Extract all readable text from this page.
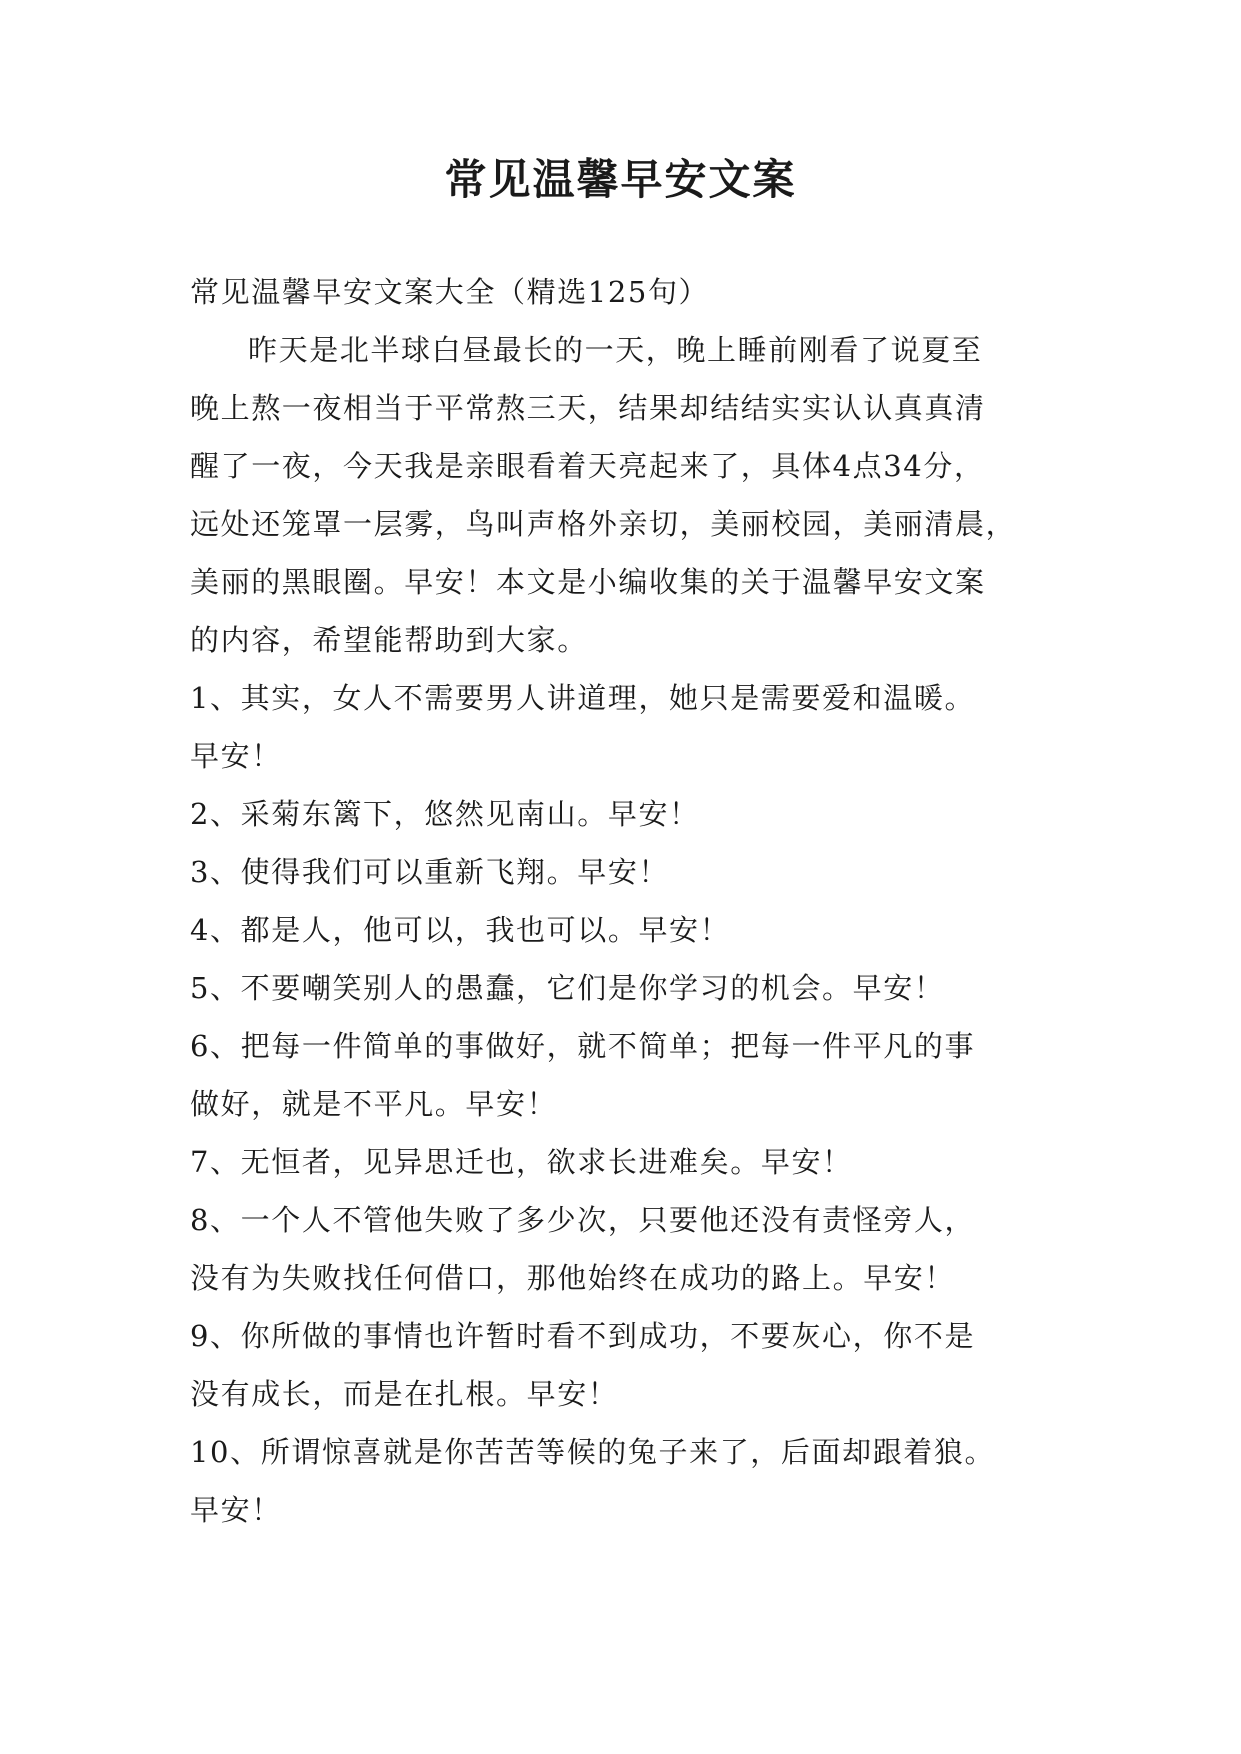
常见温馨早安文案
常见温馨早安文案大全（精选125句）
昨天是北半球白昼最长的一天，晚上睡前刚看了说夏至
晚上熬一夜相当于平常熬三天，结果却结结实实认认真真清
醒了一夜，今天我是亲眼看着天亮起来了，具体4点34分，
远处还笼罩一层雾，鸟叫声格外亲切，美丽校园，美丽清晨，
美丽的黑眼圈。早安！本文是小编收集的关于温馨早安文案
的内容，希望能帮助到大家。
1、其实，女人不需要男人讲道理，她只是需要爱和温暖。
早安！
2、采菊东篱下，悠然见南山。早安！
3、使得我们可以重新飞翔。早安！
4、都是人，他可以，我也可以。早安！
5、不要嘲笑别人的愚蠢，它们是你学习的机会。早安！
6、把每一件简单的事做好，就不简单；把每一件平凡的事
做好，就是不平凡。早安！
7、无恒者，见异思迁也，欲求长进难矣。早安！
8、一个人不管他失败了多少次，只要他还没有责怪旁人，
没有为失败找任何借口，那他始终在成功的路上。早安！
9、你所做的事情也许暂时看不到成功，不要灰心，你不是
没有成长，而是在扎根。早安！
10、所谓惊喜就是你苦苦等候的兔子来了，后面却跟着狼。
早安！
